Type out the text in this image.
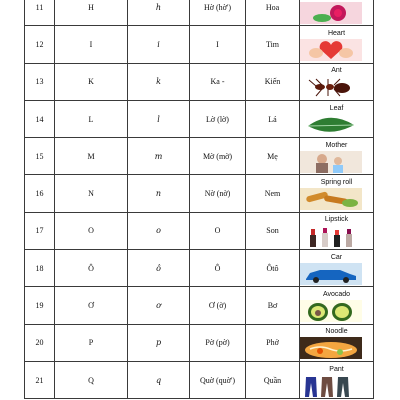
11	H	h	Hờ (hờ')	Hoa	

12	I	i	I	Tim	Heart

13	K	k	Ka -	Kiến	Ant

14	L	l	Lờ (lờ)	Lá	Leaf

15	M	m	Mờ (mờ)	Mẹ	Mother

16	N	n	Nờ (nờ)	Nem	Spring roll

17	O	o	O	Son	Lipstick

18	Ô	ô	Ô	Ôtô	Car

19	Ơ	ơ	Ơ (ờ)	Bơ	Avocado

20	P	p	Pờ (pờ)	Phở	Noodle

21	Q	q	Quờ (quờ')	Quần	Pant
